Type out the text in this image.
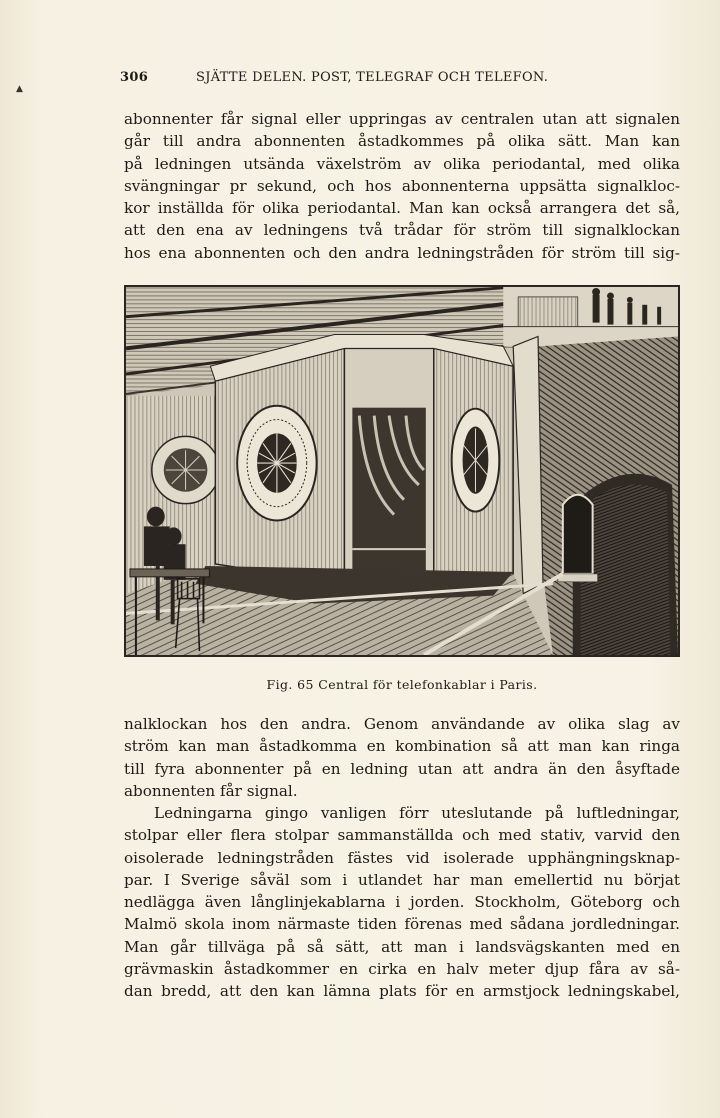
▲
306	SJÄTTE DELEN. POST, TELEGRAF OCH TELEFON.
abonnenter får signal eller uppringas av centralen utan att signalen
går till andra abonnenten åstadkommes på olika sätt. Man kan
på ledningen utsända växelström av olika periodantal, med olika
svängningar pr sekund, och hos abonnenterna uppsätta signalkloc-
kor inställda för olika periodantal. Man kan också arrangera det så,
att den ena av ledningens två trådar för ström till signalklockan
hos ena abonnenten och den andra ledningstråden för ström till sig-
Fig. 65 Central för telefonkablar i Paris.
nalklockan hos den andra. Genom användande av olika slag av
ström kan man åstadkomma en kombination så att man kan ringa
till fyra abonnenter på en ledning utan att andra än den åsyftade
abonnenten får signal.
Ledningarna gingo vanligen förr uteslutande på luftledningar,
stolpar eller flera stolpar sammanställda och med stativ, varvid den
oisolerade ledningstråden fästes vid isolerade upphängningsknap-
par. I Sverige såväl som i utlandet har man emellertid nu börjat
nedlägga även långlinjekablarna i jorden. Stockholm, Göteborg och
Malmö skola inom närmaste tiden förenas med sådana jordledningar.
Man går tillväga på så sätt, att man i landsvägskanten med en
grävmaskin åstadkommer en cirka en halv meter djup fåra av så-
dan bredd, att den kan lämna plats för en armstjock ledningskabel,
